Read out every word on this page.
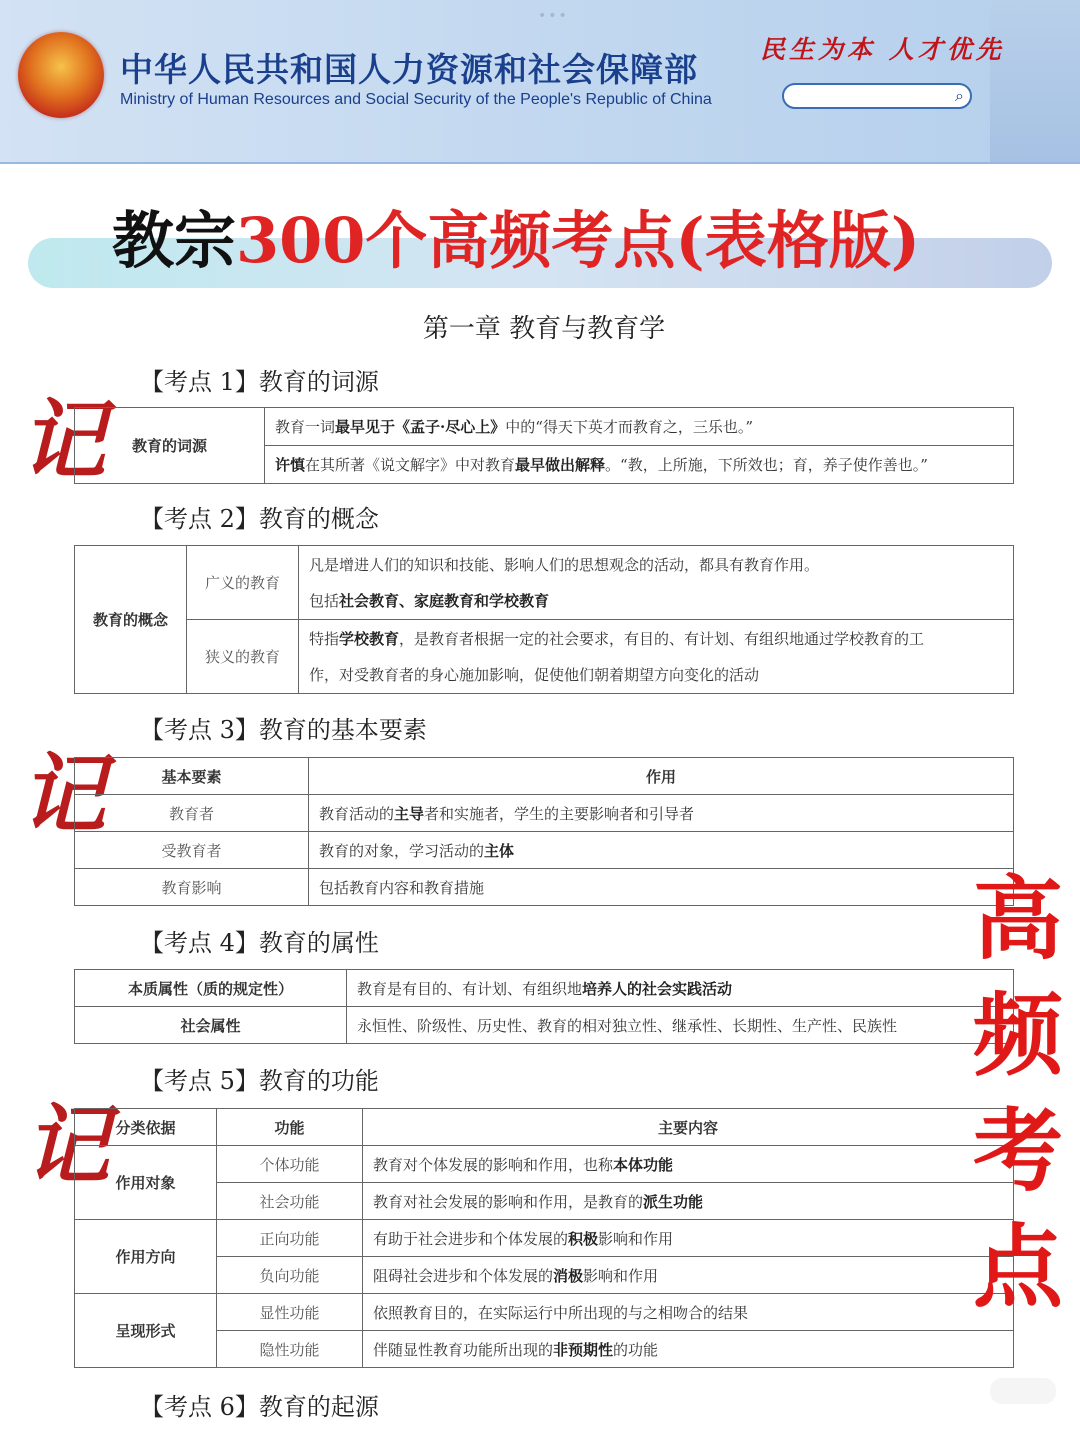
•••
中华人民共和国人力资源和社会保障部
Ministry of Human Resources and Social Security of the People's Republic of China
民生为本 人才优先
⌕
教宗300个高频考点(表格版)
第一章 教育与教育学
【考点 1】教育的词源
记 教育的词源	教育一词最早见于《孟子·尽心上》中的“得天下英才而教育之，三乐也。”
许慎在其所著《说文解字》中对教育最早做出解释。“教，上所施，下所效也；育，养子使作善也。”
【考点 2】教育的概念
教育的概念	广义的教育	凡是增进人们的知识和技能、影响人们的思想观念的活动，都具有教育作用。
		包括社会教育、家庭教育和学校教育
	狭义的教育	特指学校教育，是教育者根据一定的社会要求，有目的、有计划、有组织地通过学校教育的工
		作，对受教育者的身心施加影响，促使他们朝着期望方向变化的活动
【考点 3】教育的基本要素
记	基本要素	作用
教育者	教育活动的主导者和实施者，学生的主要影响者和引导者
受教育者	教育的对象，学习活动的主体
教育影响	包括教育内容和教育措施
【考点 4】教育的属性
本质属性（质的规定性）	教育是有目的、有计划、有组织地培养人的社会实践活动
社会属性	永恒性、阶级性、历史性、教育的相对独立性、继承性、长期性、生产性、民族性
【考点 5】教育的功能
记 分类依据	功能	主要内容
作用对象	个体功能	教育对个体发展的影响和作用，也称本体功能
	社会功能	教育对社会发展的影响和作用，是教育的派生功能
作用方向	正向功能	有助于社会进步和个体发展的积极影响和作用
	负向功能	阻碍社会进步和个体发展的消极影响和作用
呈现形式	显性功能	依照教育目的，在实际运行中所出现的与之相吻合的结果
	隐性功能	伴随显性教育功能所出现的非预期性的功能
【考点 6】教育的起源
高
频
考
点
